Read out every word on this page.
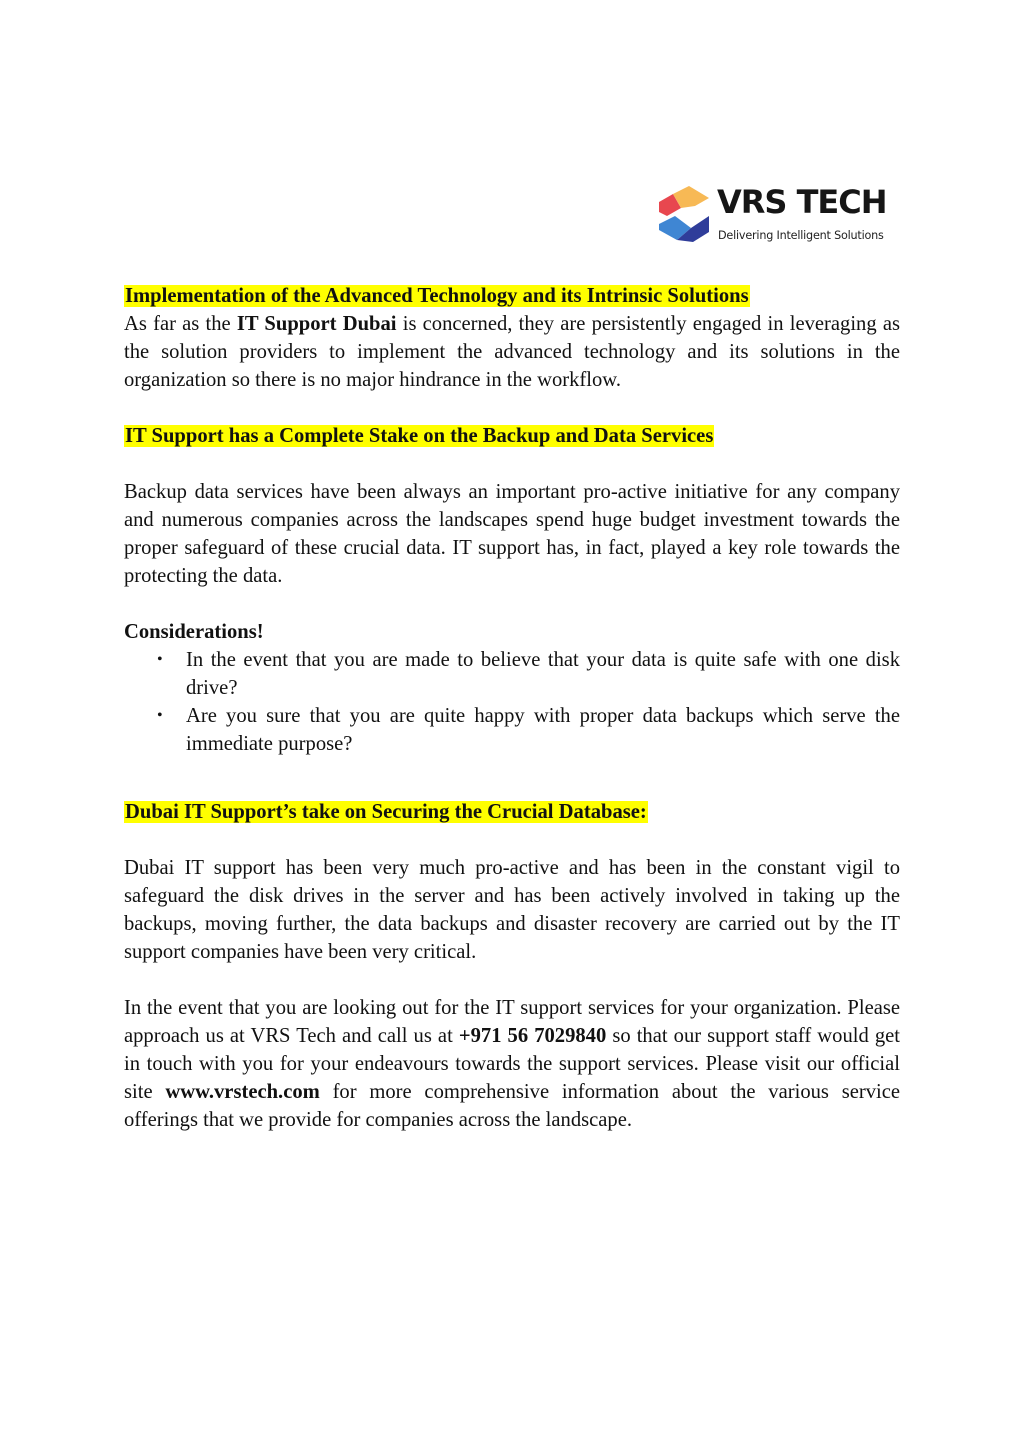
VRS TECH
Delivering Intelligent Solutions
Implementation of the Advanced Technology and its Intrinsic Solutions

As far as the IT Support Dubai is concerned, they are persistently engaged in leveraging as the solution providers to implement the advanced technology and its solutions in the organization so there is no major hindrance in the workflow.

IT Support has a Complete Stake on the Backup and Data Services

Backup data services have been always an important pro-active initiative for any company and numerous companies across the landscapes spend huge budget investment towards the proper safeguard of these crucial data. IT support has, in fact, played a key role towards the protecting the data.

Considerations!
•	In the event that you are made to believe that your data is quite safe with one disk drive?
•	Are you sure that you are quite happy with proper data backups which serve the immediate purpose?
Dubai IT Support’s take on Securing the Crucial Database:

Dubai IT support has been very much pro-active and has been in the constant vigil to safeguard the disk drives in the server and has been actively involved in taking up the backups, moving further, the data backups and disaster recovery are carried out by the IT support companies have been very critical.

In the event that you are looking out for the IT support services for your organization. Please approach us at VRS Tech and call us at +971 56 7029840 so that our support staff would get in touch with you for your endeavours towards the support services. Please visit our official site www.vrstech.com for more comprehensive information about the various service offerings that we provide for companies across the landscape.
